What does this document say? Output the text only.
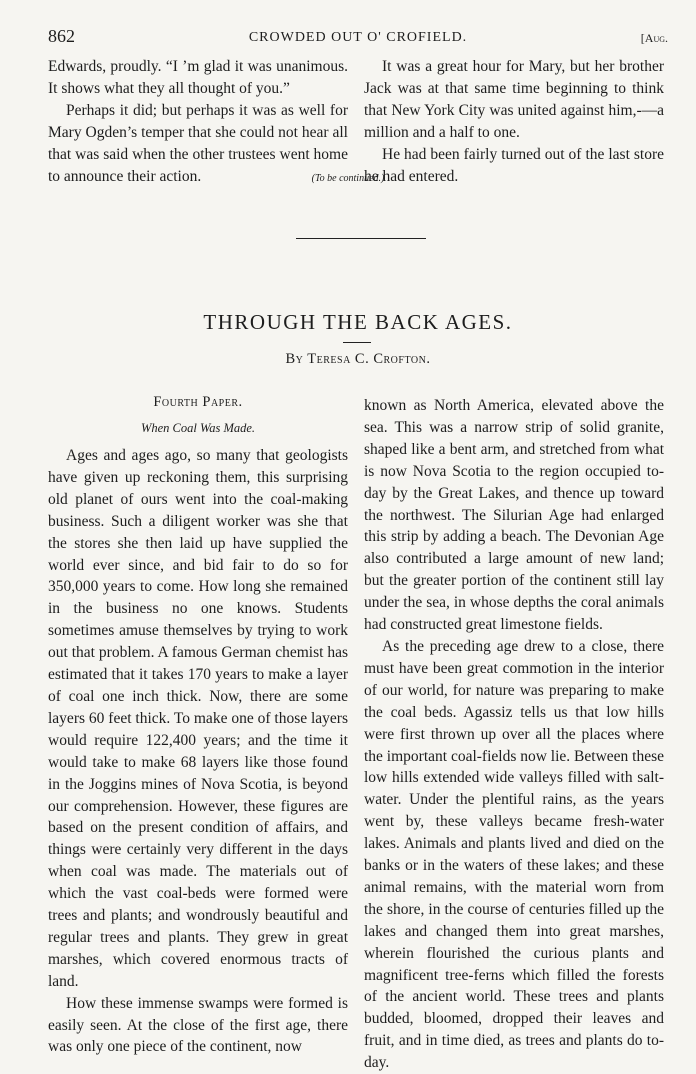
862	CROWDED OUT O' CROFIELD.	[Aug.

Edwards, proudly. “I ’m glad it was unanimous. It shows what they all thought of you.”

Perhaps it did; but perhaps it was as well for Mary Ogden’s temper that she could not hear all that was said when the other trustees went home to announce their action.

It was a great hour for Mary, but her brother Jack was at that same time beginning to think that New York City was united against him,-—a million and a half to one.

He had been fairly turned out of the last store he had entered.

(To be continued.)
THROUGH THE BACK AGES.
By Teresa C. Crofton.
Fourth Paper.
When Coal Was Made.

Ages and ages ago, so many that geologists have given up reckoning them, this surprising old planet of ours went into the coal-making business. Such a diligent worker was she that the stores she then laid up have supplied the world ever since, and bid fair to do so for 350,000 years to come. How long she remained in the business no one knows. Students sometimes amuse themselves by trying to work out that problem. A famous German chemist has estimated that it takes 170 years to make a layer of coal one inch thick. Now, there are some layers 60 feet thick. To make one of those layers would require 122,400 years; and the time it would take to make 68 layers like those found in the Joggins mines of Nova Scotia, is beyond our comprehension. However, these figures are based on the present condition of affairs, and things were certainly very different in the days when coal was made. The materials out of which the vast coal-beds were formed were trees and plants; and wondrously beautiful and regular trees and plants. They grew in great marshes, which covered enormous tracts of land.

How these immense swamps were formed is easily seen. At the close of the first age, there was only one piece of the continent, now

known as North America, elevated above the sea. This was a narrow strip of solid granite, shaped like a bent arm, and stretched from what is now Nova Scotia to the region occupied to-day by the Great Lakes, and thence up toward the northwest. The Silurian Age had enlarged this strip by adding a beach. The Devonian Age also contributed a large amount of new land; but the greater portion of the continent still lay under the sea, in whose depths the coral animals had constructed great limestone fields.

As the preceding age drew to a close, there must have been great commotion in the interior of our world, for nature was preparing to make the coal beds. Agassiz tells us that low hills were first thrown up over all the places where the important coal-fields now lie. Between these low hills extended wide valleys filled with salt-water. Under the plentiful rains, as the years went by, these valleys became fresh-water lakes. Animals and plants lived and died on the banks or in the waters of these lakes; and these animal remains, with the material worn from the shore, in the course of centuries filled up the lakes and changed them into great marshes, wherein flourished the curious plants and magnificent tree-ferns which filled the forests of the ancient world. These trees and plants budded, bloomed, dropped their leaves and fruit, and in time died, as trees and plants do to-day.
